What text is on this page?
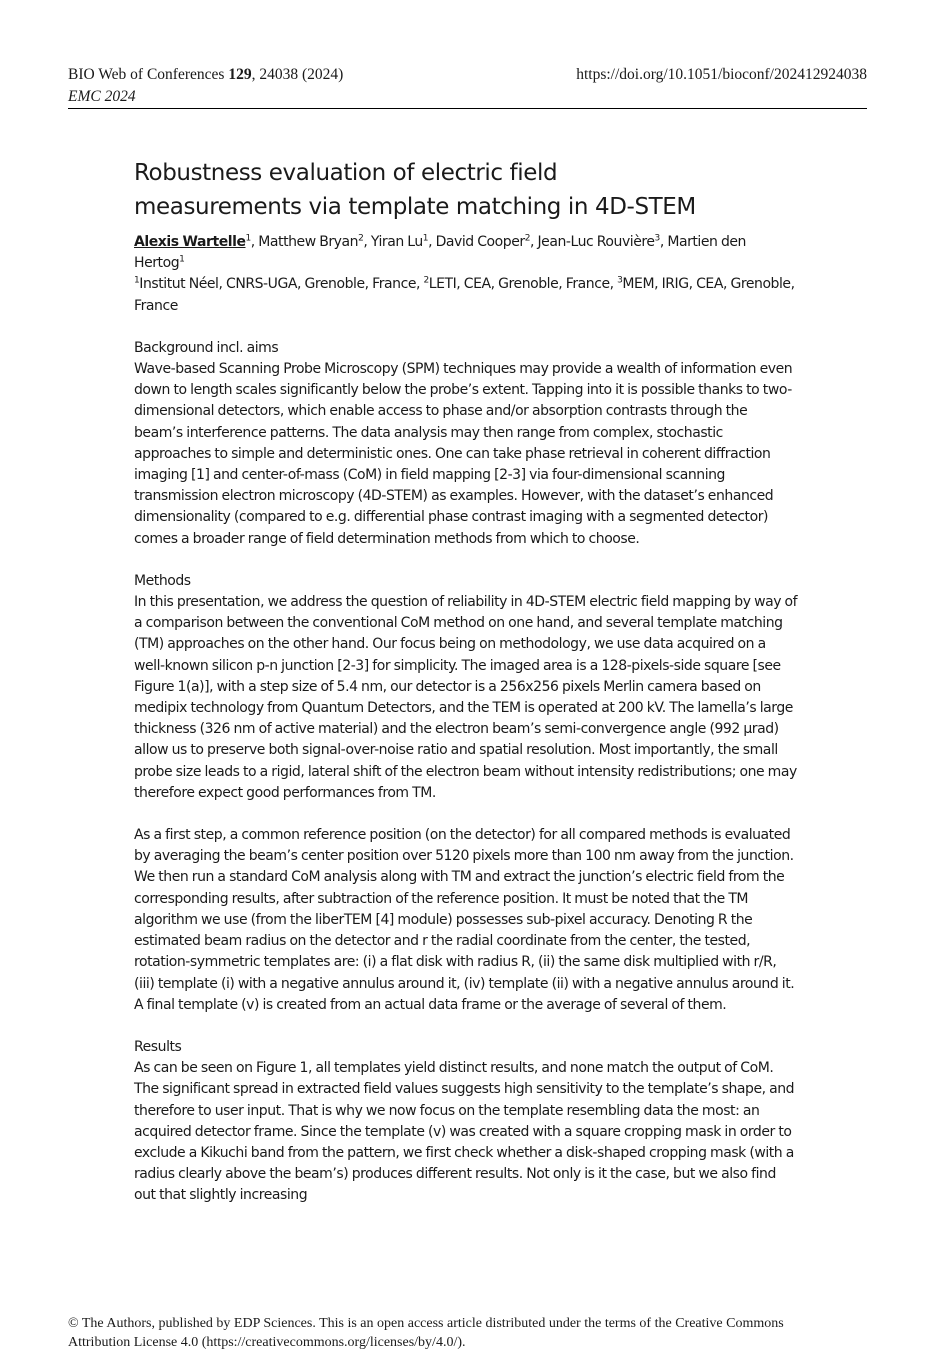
BIO Web of Conferences 129, 24038 (2024)	https://doi.org/10.1051/bioconf/202412924038
EMC 2024
Robustness evaluation of electric field
measurements via template matching in 4D-STEM

Alexis Wartelle$^1$, Matthew Bryan$^2$, Yiran Lu$^1$, David Cooper$^2$, Jean-Luc Rouvière$^3$, Martien den Hertog$^1$

$^1$Institut Néel, CNRS-UGA, Grenoble, France, $^2$LETI, CEA, Grenoble, France, $^3$MEM, IRIG, CEA, Grenoble, France

Background incl. aims

Wave-based Scanning Probe Microscopy (SPM) techniques may provide a wealth of information even down to length scales significantly below the probe’s extent. Tapping into it is possible thanks to two-dimensional detectors, which enable access to phase and/or absorption contrasts through the beam’s interference patterns. The data analysis may then range from complex, stochastic approaches to simple and deterministic ones. One can take phase retrieval in coherent diffraction imaging [1] and center-of-mass (CoM) in field mapping [2-3] via four-dimensional scanning transmission electron microscopy (4D-STEM) as examples. However, with the dataset’s enhanced dimensionality (compared to e.g. differential phase contrast imaging with a segmented detector) comes a broader range of field determination methods from which to choose.

Methods

In this presentation, we address the question of reliability in 4D-STEM electric field mapping by way of a comparison between the conventional CoM method on one hand, and several template matching (TM) approaches on the other hand. Our focus being on methodology, we use data acquired on a well-known silicon p-n junction [2-3] for simplicity. The imaged area is a 128-pixels-side square [see Figure 1(a)], with a step size of 5.4 nm, our detector is a 256x256 pixels Merlin camera based on medipix technology from Quantum Detectors, and the TEM is operated at 200 kV. The lamella’s large thickness (326 nm of active material) and the electron beam’s semi-convergence angle (992 µrad) allow us to preserve both signal-over-noise ratio and spatial resolution. Most importantly, the small probe size leads to a rigid, lateral shift of the electron beam without intensity redistributions; one may therefore expect good performances from TM.

As a first step, a common reference position (on the detector) for all compared methods is evaluated by averaging the beam’s center position over 5120 pixels more than 100 nm away from the junction. We then run a standard CoM analysis along with TM and extract the junction’s electric field from the corresponding results, after subtraction of the reference position. It must be noted that the TM algorithm we use (from the liberTEM [4] module) possesses sub-pixel accuracy. Denoting R the estimated beam radius on the detector and r the radial coordinate from the center, the tested, rotation-symmetric templates are: (i) a flat disk with radius R, (ii) the same disk multiplied with r/R, (iii) template (i) with a negative annulus around it, (iv) template (ii) with a negative annulus around it. A final template (v) is created from an actual data frame or the average of several of them.

Results

As can be seen on Figure 1, all templates yield distinct results, and none match the output of CoM. The significant spread in extracted field values suggests high sensitivity to the template’s shape, and therefore to user input. That is why we now focus on the template resembling data the most: an acquired detector frame. Since the template (v) was created with a square cropping mask in order to exclude a Kikuchi band from the pattern, we first check whether a disk-shaped cropping mask (with a radius clearly above the beam’s) produces different results. Not only is it the case, but we also find out that slightly increasing

© The Authors, published by EDP Sciences. This is an open access article distributed under the terms of the Creative Commons
Attribution License 4.0 (https://creativecommons.org/licenses/by/4.0/).
